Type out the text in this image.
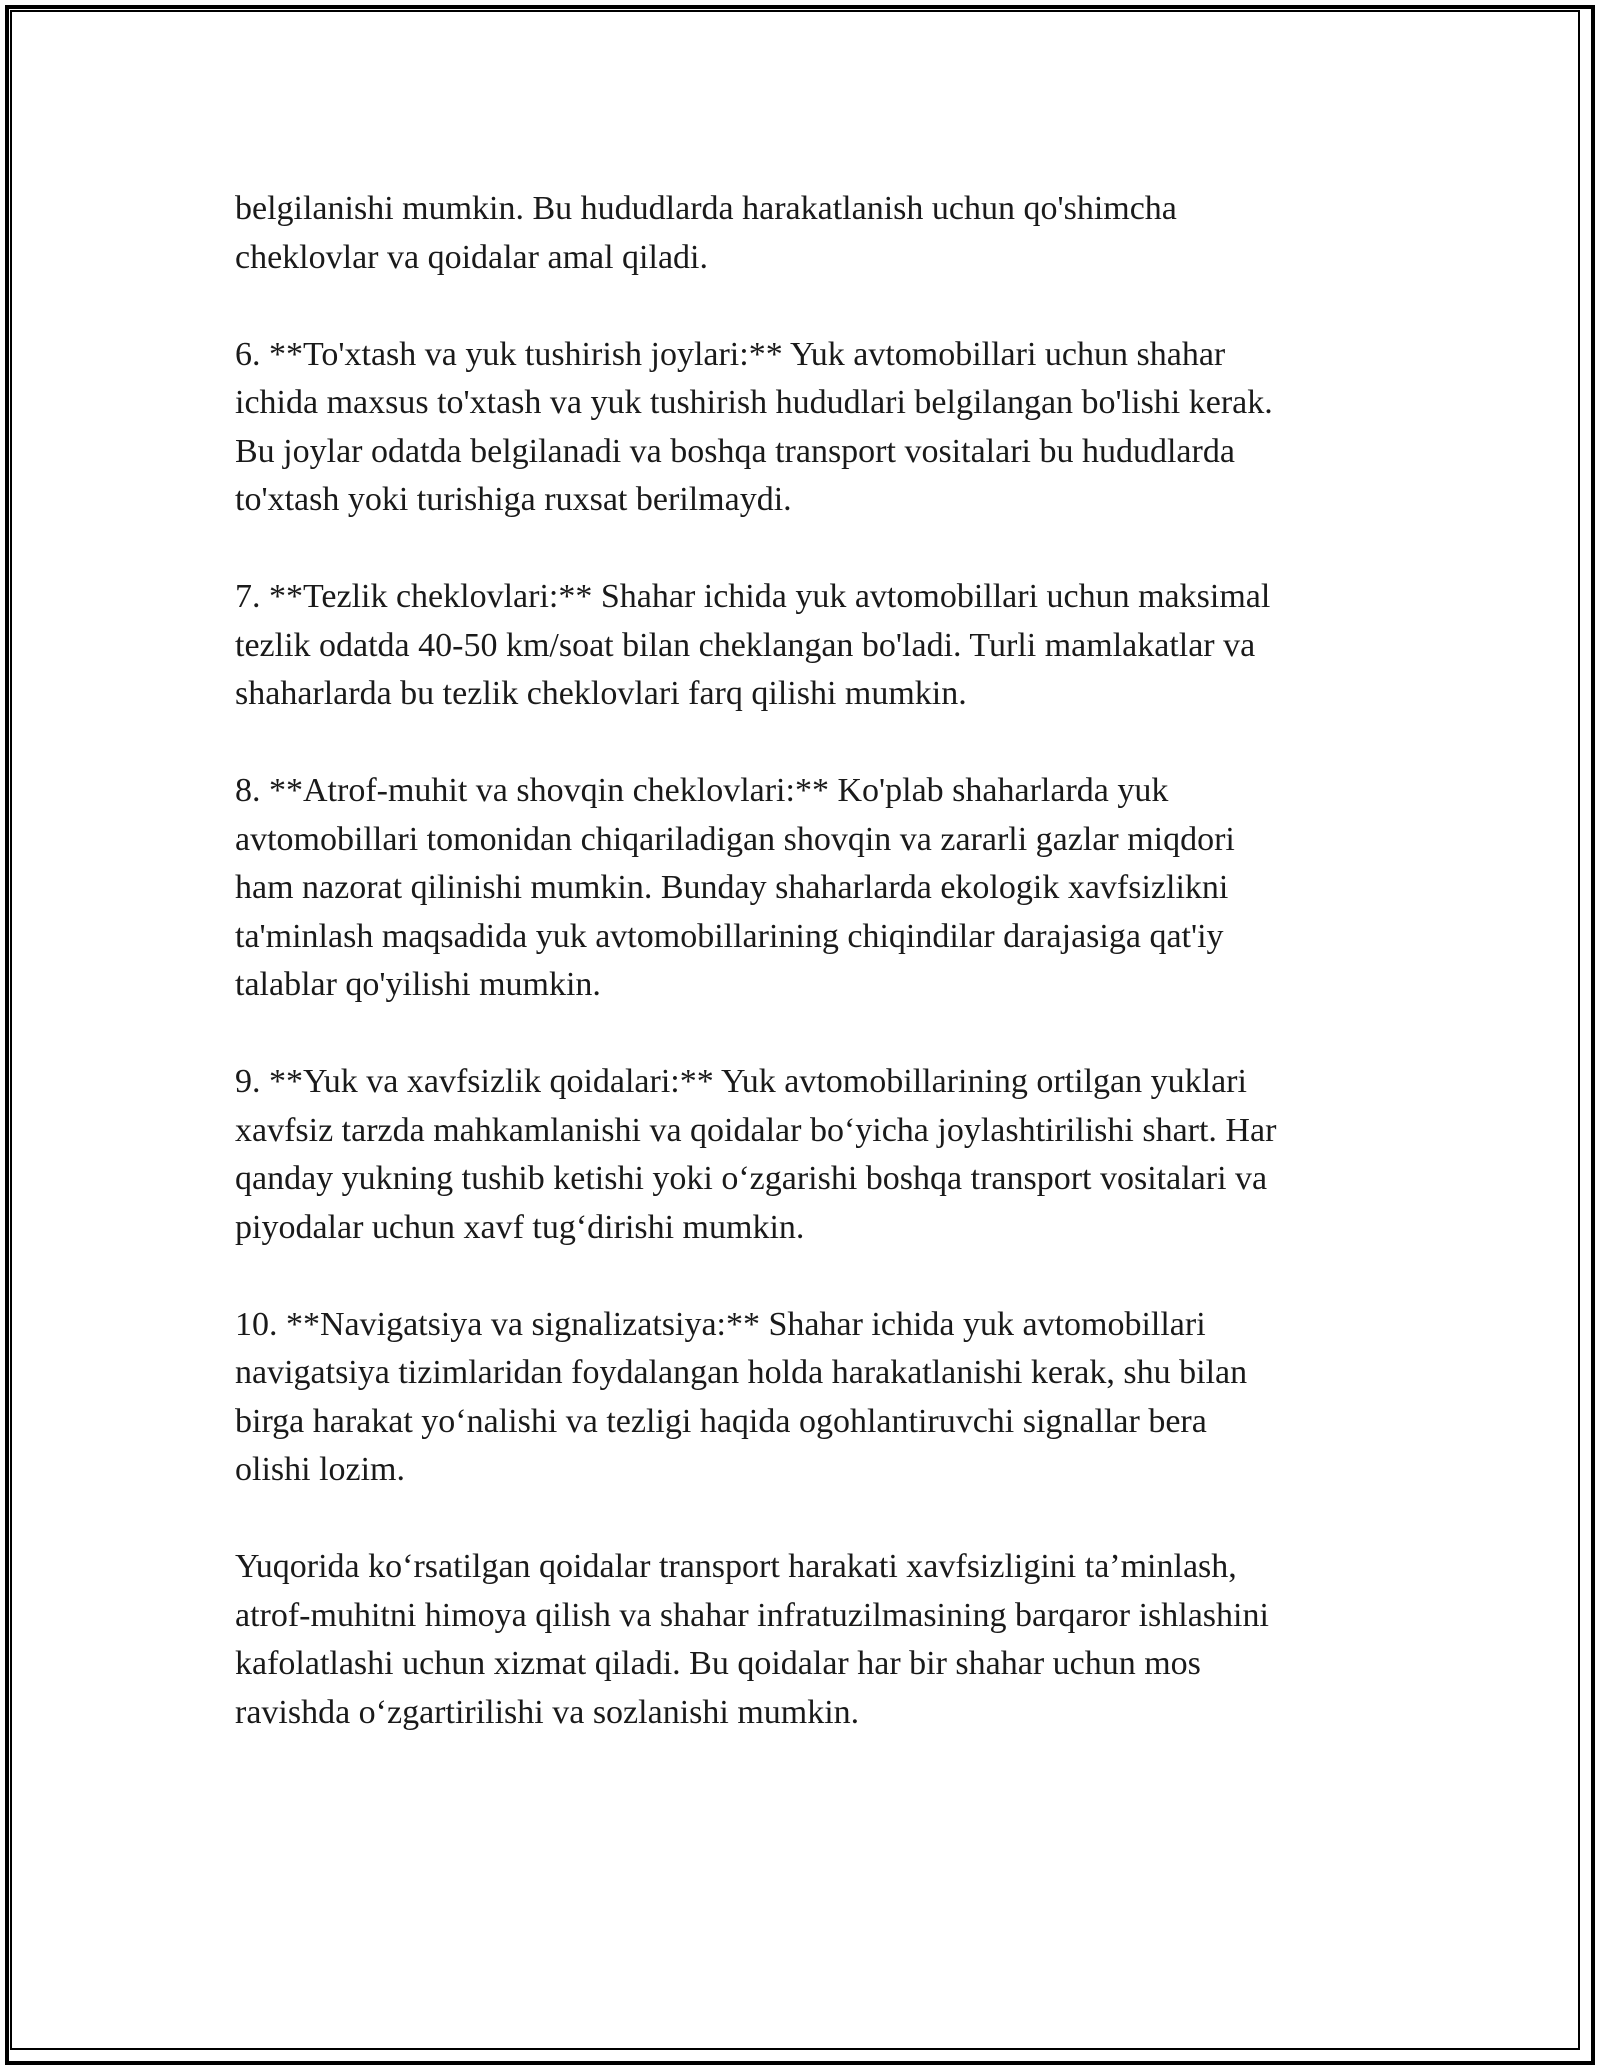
belgilanishi mumkin. Bu hududlarda harakatlanish uchun qo'shimcha
cheklovlar va qoidalar amal qiladi.

6. **To'xtash va yuk tushirish joylari:** Yuk avtomobillari uchun shahar
ichida maxsus to'xtash va yuk tushirish hududlari belgilangan bo'lishi kerak.
Bu joylar odatda belgilanadi va boshqa transport vositalari bu hududlarda
to'xtash yoki turishiga ruxsat berilmaydi.

7. **Tezlik cheklovlari:** Shahar ichida yuk avtomobillari uchun maksimal
tezlik odatda 40-50 km/soat bilan cheklangan bo'ladi. Turli mamlakatlar va
shaharlarda bu tezlik cheklovlari farq qilishi mumkin.

8. **Atrof-muhit va shovqin cheklovlari:** Ko'plab shaharlarda yuk
avtomobillari tomonidan chiqariladigan shovqin va zararli gazlar miqdori
ham nazorat qilinishi mumkin. Bunday shaharlarda ekologik xavfsizlikni
ta'minlash maqsadida yuk avtomobillarining chiqindilar darajasiga qat'iy
talablar qo'yilishi mumkin.

9. **Yuk va xavfsizlik qoidalari:** Yuk avtomobillarining ortilgan yuklari
xavfsiz tarzda mahkamlanishi va qoidalar bo‘yicha joylashtirilishi shart. Har
qanday yukning tushib ketishi yoki o‘zgarishi boshqa transport vositalari va
piyodalar uchun xavf tug‘dirishi mumkin.

10. **Navigatsiya va signalizatsiya:** Shahar ichida yuk avtomobillari
navigatsiya tizimlaridan foydalangan holda harakatlanishi kerak, shu bilan
birga harakat yo‘nalishi va tezligi haqida ogohlantiruvchi signallar bera
olishi lozim.

Yuqorida ko‘rsatilgan qoidalar transport harakati xavfsizligini ta’minlash,
atrof-muhitni himoya qilish va shahar infratuzilmasining barqaror ishlashini
kafolatlashi uchun xizmat qiladi. Bu qoidalar har bir shahar uchun mos
ravishda o‘zgartirilishi va sozlanishi mumkin.
